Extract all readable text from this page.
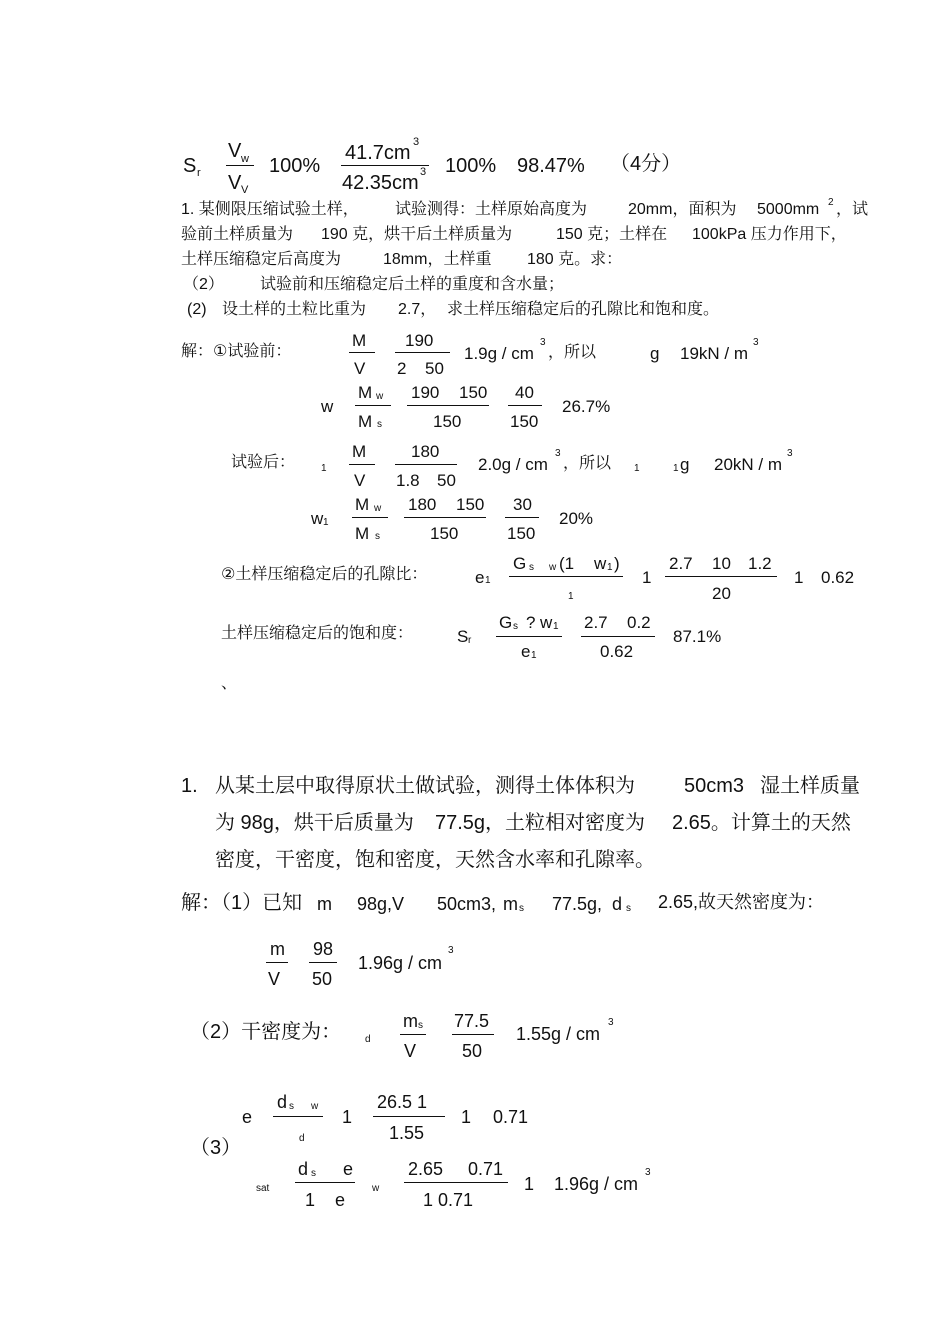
S r
V w
V V
100%
41.7cm 3
42.35cm 3 100% 98.47% （4分）
1. 某侧限压缩试验土样， 试验测得：土样原始高度为	20mm，面积为 5000mm 2 ，试
验前土样质量为 190 克，烘干后土样质量为	150 克；土样在 100kPa 压力作用下，
土样压缩稳定后高度为	18mm，土样重 180 克。求：
（2） 试验前和压缩稳定后土样的重度和含水量；
(2) 设土样的土粒比重为 2.7， 求土样压缩稳定后的孔隙比和饱和度。
解：①试验前：
M
V
190
2 50
1.9g / cm
3
，所以	g 19kN / m
3
w
M w
M s
190 150
150
40
150
26.7%
试验后：	1
M
V
180
1.8 50
2.0g / cm
3
，所以 1	1 g 20kN / m
3
w 1
M w
M s
180 150
150
30
150
20%
②土样压缩稳定后的孔隙比：	e 1
G s w (1 w 1 )
1
1
2.7 10 1.2
20
1 0.62
土样压缩稳定后的饱和度：	S r
G s ? w 1
e 1
2.7 0.2
0.62
87.1%
、
1. 从某土层中取得原状土做试验，测得土体体积为 50cm3 湿土样质量
为 98g，烘干后质量为 77.5g，土粒相对密度为 2.65。计算土的天然
密度，干密度，饱和密度，天然含水率和孔隙率。
解：（1）已知 m 98g,V 50cm3, m s 77.5g, d s 2.65,故天然密度为：
m
V
98
50
1.96g / cm
3
（2）干密度为： d
m s
V
77.5
50
1.55g / cm
3
e
d s w
d
1
26.5 1
1.55
1 0.71
（3）
sat
d s e
1 e
w
2.65 0.71
1 0.71
1 1.96g / cm
3
